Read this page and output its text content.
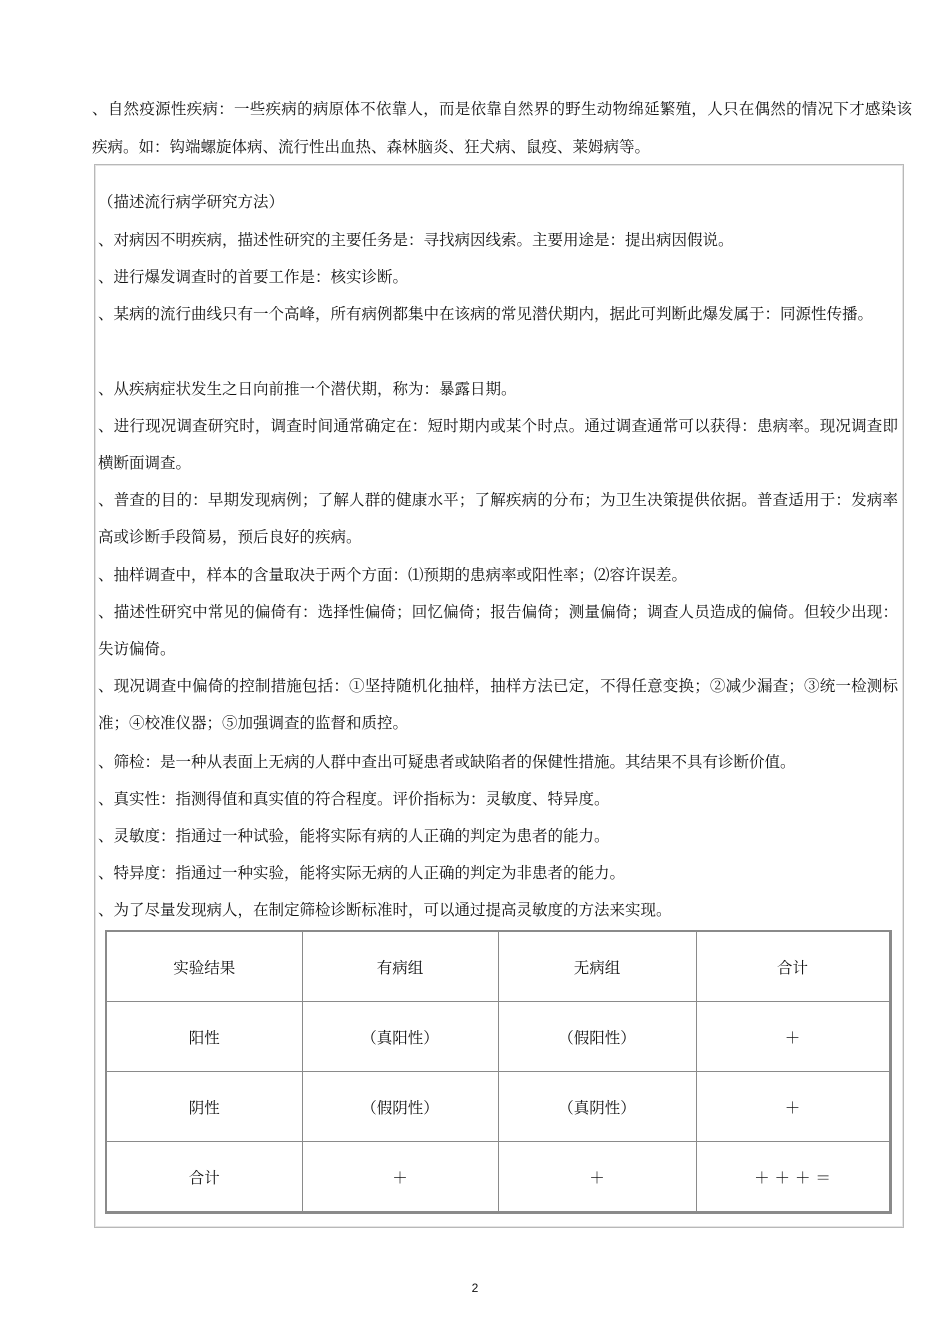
、自然疫源性疾病：一些疾病的病原体不依靠人，而是依靠自然界的野生动物绵延繁殖，人只在偶然的情况下才感染该疾病。如：钩端螺旋体病、流行性出血热、森林脑炎、狂犬病、鼠疫、莱姆病等。

（描述流行病学研究方法）

、对病因不明疾病，描述性研究的主要任务是：寻找病因线索。主要用途是：提出病因假说。

、进行爆发调查时的首要工作是：核实诊断。

、某病的流行曲线只有一个高峰，所有病例都集中在该病的常见潜伏期内，据此可判断此爆发属于：同源性传播。

、从疾病症状发生之日向前推一个潜伏期，称为：暴露日期。

、进行现况调查研究时，调查时间通常确定在：短时期内或某个时点。通过调查通常可以获得：患病率。现况调查即横断面调查。

、普查的目的：早期发现病例；了解人群的健康水平；了解疾病的分布；为卫生决策提供依据。普查适用于：发病率高或诊断手段简易，预后良好的疾病。

、抽样调查中，样本的含量取决于两个方面：⑴预期的患病率或阳性率；⑵容许误差。

、描述性研究中常见的偏倚有：选择性偏倚；回忆偏倚；报告偏倚；测量偏倚；调查人员造成的偏倚。但较少出现：失访偏倚。

、现况调查中偏倚的控制措施包括：①坚持随机化抽样，抽样方法已定，不得任意变换；②减少漏查；③统一检测标准；④校准仪器；⑤加强调查的监督和质控。

、筛检：是一种从表面上无病的人群中查出可疑患者或缺陷者的保健性措施。其结果不具有诊断价值。

、真实性：指测得值和真实值的符合程度。评价指标为：灵敏度、特异度。

、灵敏度：指通过一种试验，能将实际有病的人正确的判定为患者的能力。

、特异度：指通过一种实验，能将实际无病的人正确的判定为非患者的能力。

、为了尽量发现病人，在制定筛检诊断标准时，可以通过提高灵敏度的方法来实现。

实验结果	有病组	无病组	合计
阳性	（真阳性）	（假阳性）	＋
阴性	（假阴性）	（真阴性）	＋
合计	＋	＋	＋ ＋ ＋ ＝
2
